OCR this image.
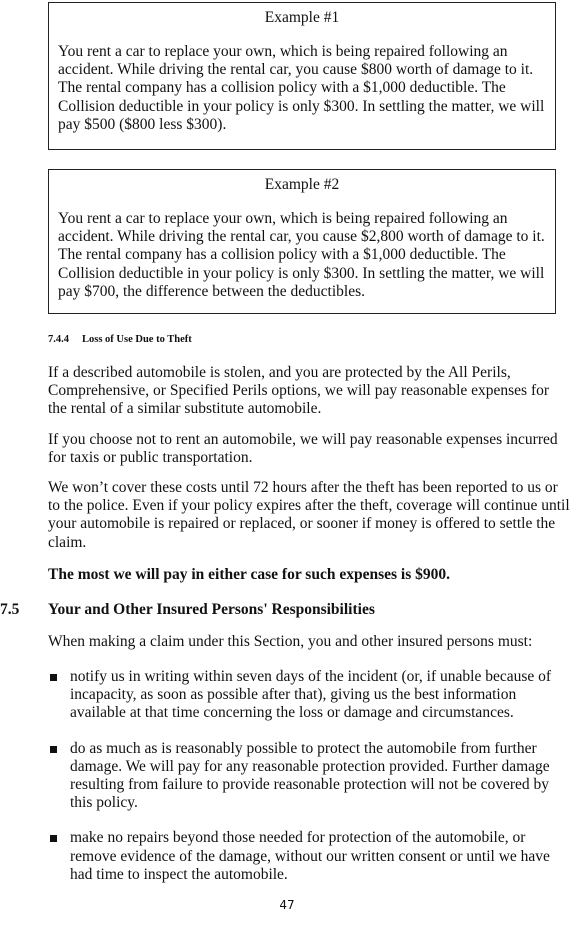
Example #1

You rent a car to replace your own, which is being repaired following an accident. While driving the rental car, you cause $800 worth of damage to it. The rental company has a collision policy with a $1,000 deductible. The Collision deductible in your policy is only $300. In settling the matter, we will pay $500 ($800 less $300).

Example #2

You rent a car to replace your own, which is being repaired following an accident. While driving the rental car, you cause $2,800 worth of damage to it. The rental company has a collision policy with a $1,000 deductible. The Collision deductible in your policy is only $300. In settling the matter, we will pay $700, the difference between the deductibles.

7.4.4 Loss of Use Due to Theft

If a described automobile is stolen, and you are protected by the All Perils, Comprehensive, or Specified Perils options, we will pay reasonable expenses for the rental of a similar substitute automobile.

If you choose not to rent an automobile, we will pay reasonable expenses incurred for taxis or public transportation.

We won’t cover these costs until 72 hours after the theft has been reported to us or to the police. Even if your policy expires after the theft, coverage will continue until your automobile is repaired or replaced, or sooner if money is offered to settle the claim.

The most we will pay in either case for such expenses is $900.

7.5 Your and Other Insured Persons' Responsibilities

When making a claim under this Section, you and other insured persons must:

notify us in writing within seven days of the incident (or, if unable because of incapacity, as soon as possible after that), giving us the best information available at that time concerning the loss or damage and circumstances.
do as much as is reasonably possible to protect the automobile from further damage. We will pay for any reasonable protection provided. Further damage resulting from failure to provide reasonable protection will not be covered by this policy.
make no repairs beyond those needed for protection of the automobile, or remove evidence of the damage, without our written consent or until we have had time to inspect the automobile.
47
